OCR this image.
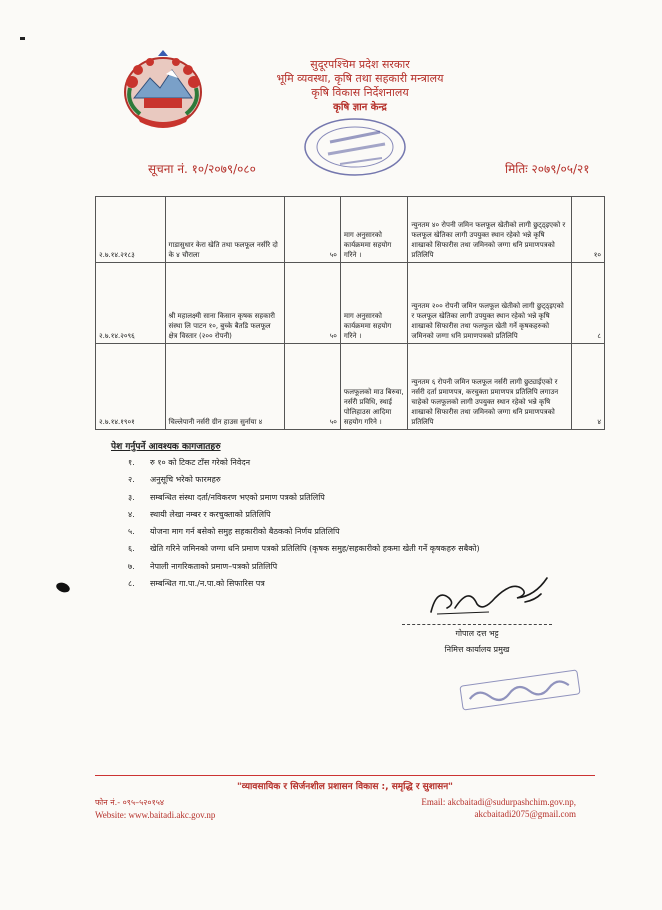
सुदूरपश्चिम प्रदेश सरकार
भूमि व्यवस्था, कृषि तथा सहकारी मन्त्रालय
कृषि विकास निर्देशनालय
कृषि ज्ञान केन्द्र
सूचना नं. १०/२०७९/०८०	मितिः २०७९/०५/२१
२.७.१४.२१८३	गाडासुधार केरा खेति तथा फलफूल नर्सरि दो के ४ चौराला	५०	माग अनुसारको कार्यक्रममा सहयोग गरिने ।	न्युनतम ४० रोपनी जमिन फलफूल खेतीको लागी छुट्ठ्इएको र फलफूल खेतिका लागी उपयुक्त स्थान रहेको भन्ने कृषि शाखाको सिफारीस तथा जमिनको जग्गा धनि प्रमाणपत्रको प्रतिलिपि	१०
२.७.१४.२०९६	श्री महालक्ष्मी साना किसान कृषक सहकारी संस्था लि पाटन १०, बुच्के बैतडि फलफूल क्षेत्र विस्तार (२०० रोपनी)	५०	माग अनुसारको कार्यक्रममा सहयोग गरिने ।	न्युनतम २०० रोपनी जमिन फलफूल खेतीको लागी छुट्ठ्इएको र फलफूल खेतिका लागी उपयुक्त स्थान रहेको भन्ने कृषि शाखाको सिफारीस तथा फलफूल खेती गर्ने कृषकहरुको जमिनको जग्गा धनि प्रमाणपत्रको प्रतिलिपि	८
२.७.१४.१९०१	चिल्लेपानी नर्सरी ग्रीन हाउस सुर्नाया ४	५०	फलफूलको माउ बिरुवा, नर्सरी प्रविधि, स्थाई पोलिहाउस आदिमा सहयोग गरिने ।	न्युनतम ६ रोपनी जमिन फलफूल नर्सरी लागी छुट्याईएको र नर्सरी दर्ता प्रमाणपत्र, करचुक्ता प्रमाणपत्र प्रतिलिपि लगाउन चाहेको फलफूलको लागी उपयुक्त स्थान रहेको भन्ने कृषि शाखाको सिफारीस तथा जमिनको जग्गा धनि प्रमाणपत्रको प्रतिलिपि	४
पेश गर्नुपर्ने आवश्यक कागजातहरु
१. रु १० को टिकट टाँस गरेको निवेदन
२. अनुसूचि भरेको फारमहरु
३. सम्बन्धित संस्था दर्ता/नविकरण भएको प्रमाण पत्रको प्रतिलिपि
४. स्थायी लेखा नम्बर र करचुक्ताको प्रतिलिपि
५. योजना माग गर्न बसेको समुह सहकारीको बैठकको निर्णय प्रतिलिपि
६. खेति गरिने जमिनको जग्गा धनि प्रमाण पत्रको प्रतिलिपि (कृषक समुह/सहकारीको हकमा खेती गर्ने कृषकहरु सबैको)
७. नेपाली नागरिकताको प्रमाण–पत्रको प्रतिलिपि
८. सम्बन्धित गा.पा./न.पा.को सिफारिस पत्र
गोपाल दत्त भट्ट
निमित्त कार्यालय प्रमुख
"व्यावसायिक र सिर्जनशील प्रशासन विकास :, समृद्धि र सुशासन"
फोन नं.- ०९५–५२०१५४
Website: www.baitadi.akc.gov.np
Email: akcbaitadi@sudurpashchim.gov.np,
akcbaitadi2075@gmail.com
